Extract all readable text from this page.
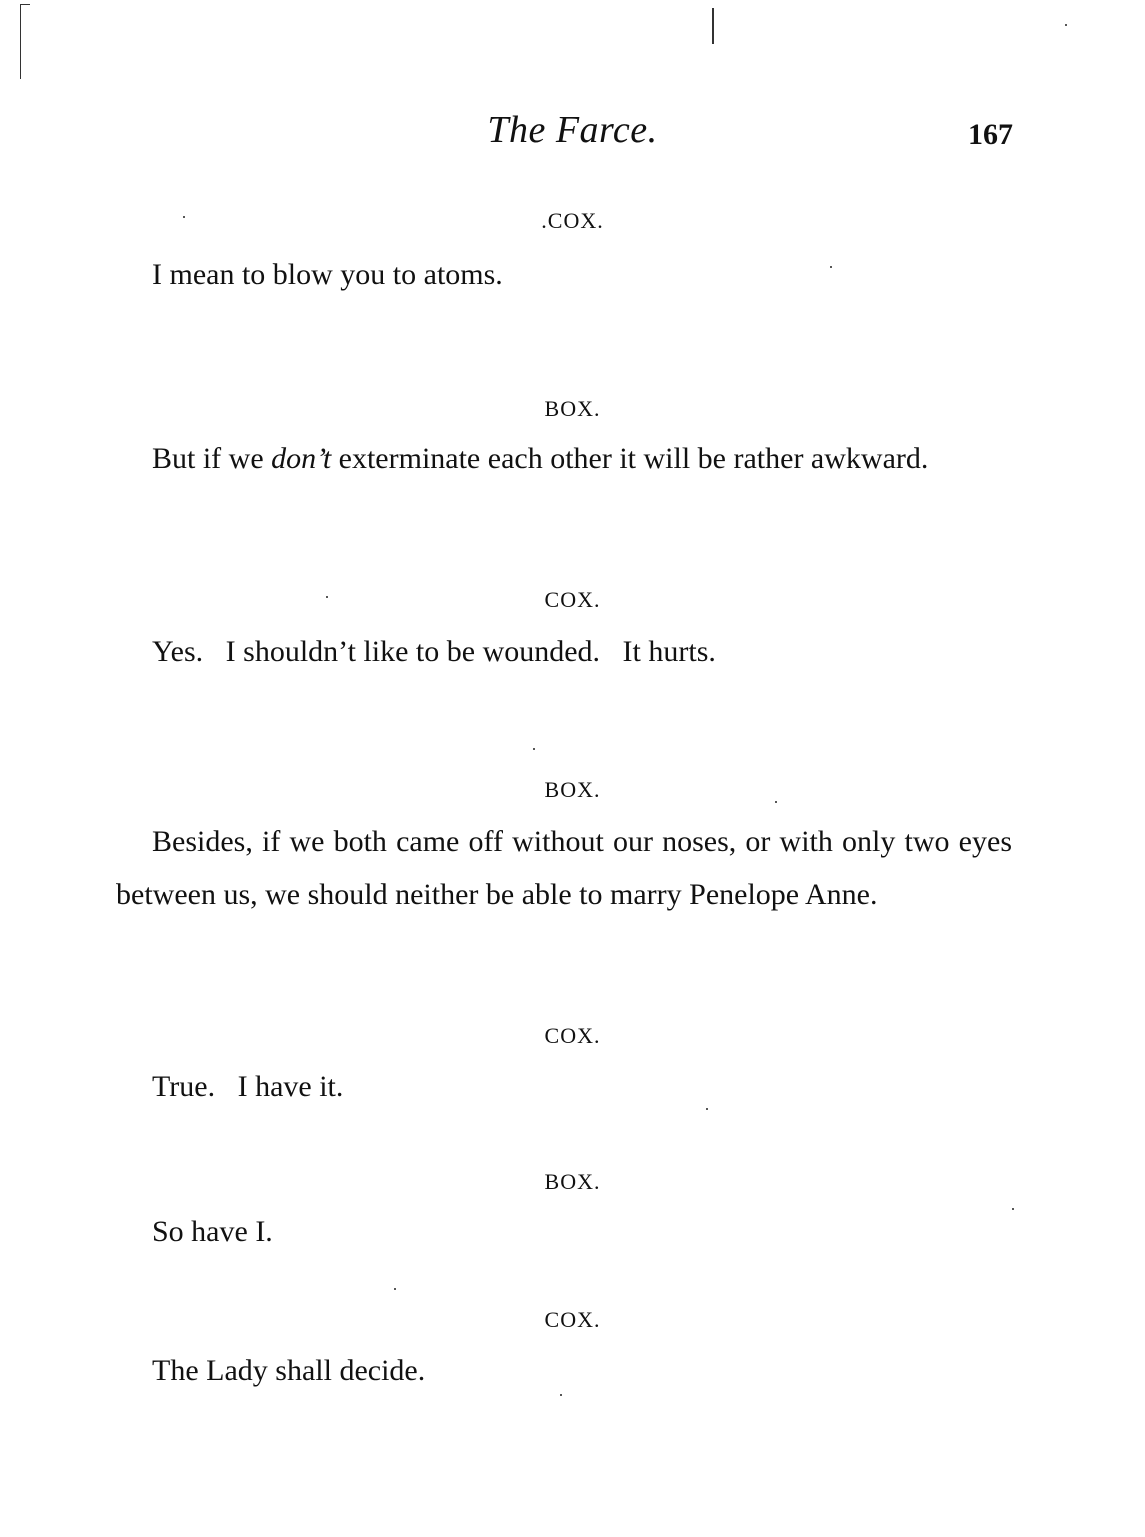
The Farce.	167
.COX.
I mean to blow you to atoms.
BOX.
But if we don’t exterminate each other it will be rather awkward.
COX.
Yes.   I shouldn’t like to be wounded.   It hurts.
BOX.
Besides, if we both came off without our noses, or with only two eyes between us, we should neither be able to marry Penelope Anne.
COX.
True.   I have it.
BOX.
So have I.
COX.
The Lady shall decide.
